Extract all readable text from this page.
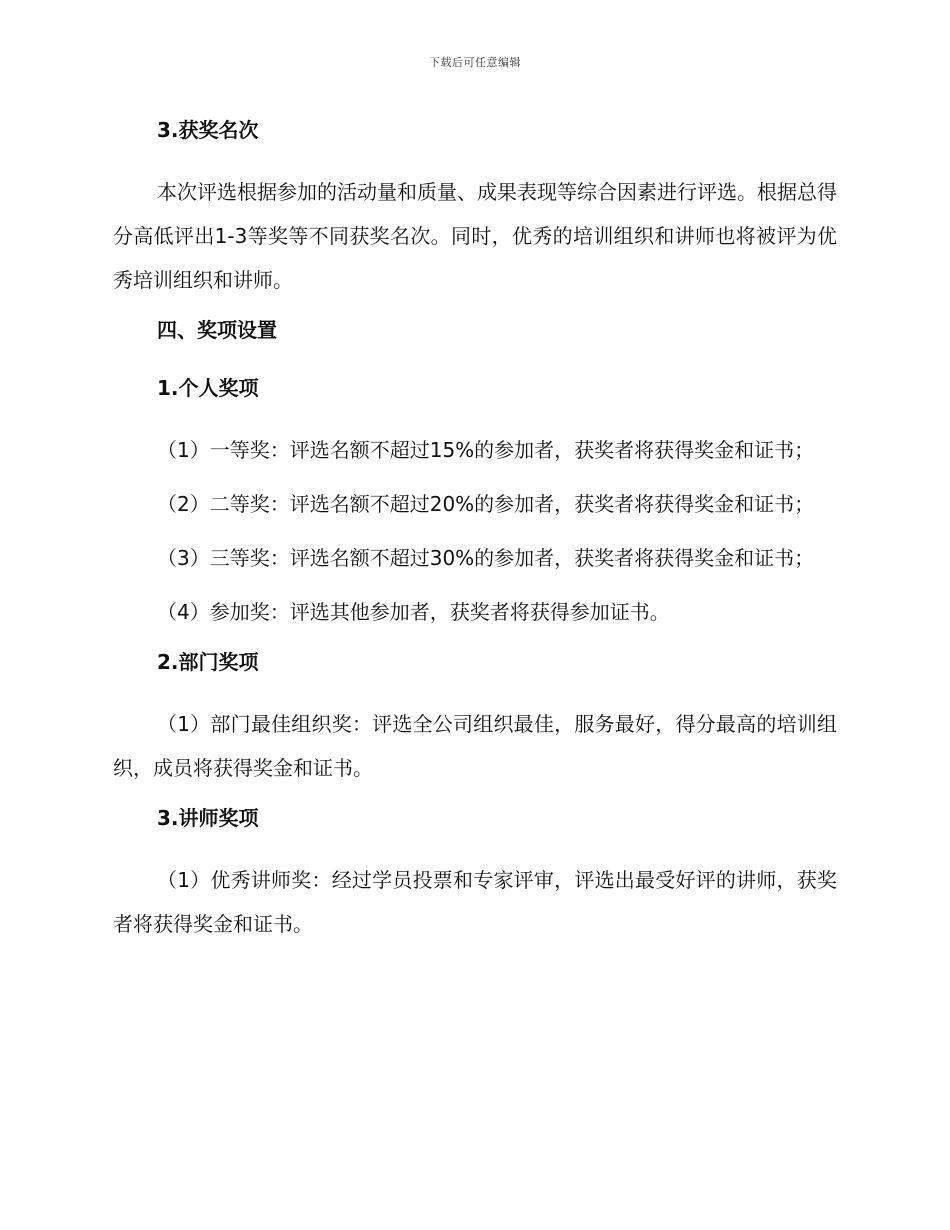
下载后可任意编辑
3.获奖名次
本次评选根据参加的活动量和质量、成果表现等综合因素进行评选。根据总得分高低评出1-3等奖等不同获奖名次。同时，优秀的培训组织和讲师也将被评为优秀培训组织和讲师。
四、奖项设置
1.个人奖项
（1）一等奖：评选名额不超过15%的参加者，获奖者将获得奖金和证书；
（2）二等奖：评选名额不超过20%的参加者，获奖者将获得奖金和证书；
（3）三等奖：评选名额不超过30%的参加者，获奖者将获得奖金和证书；
（4）参加奖：评选其他参加者，获奖者将获得参加证书。
2.部门奖项
（1）部门最佳组织奖：评选全公司组织最佳，服务最好，得分最高的培训组织，成员将获得奖金和证书。
3.讲师奖项
（1）优秀讲师奖：经过学员投票和专家评审，评选出最受好评的讲师，获奖者将获得奖金和证书。
